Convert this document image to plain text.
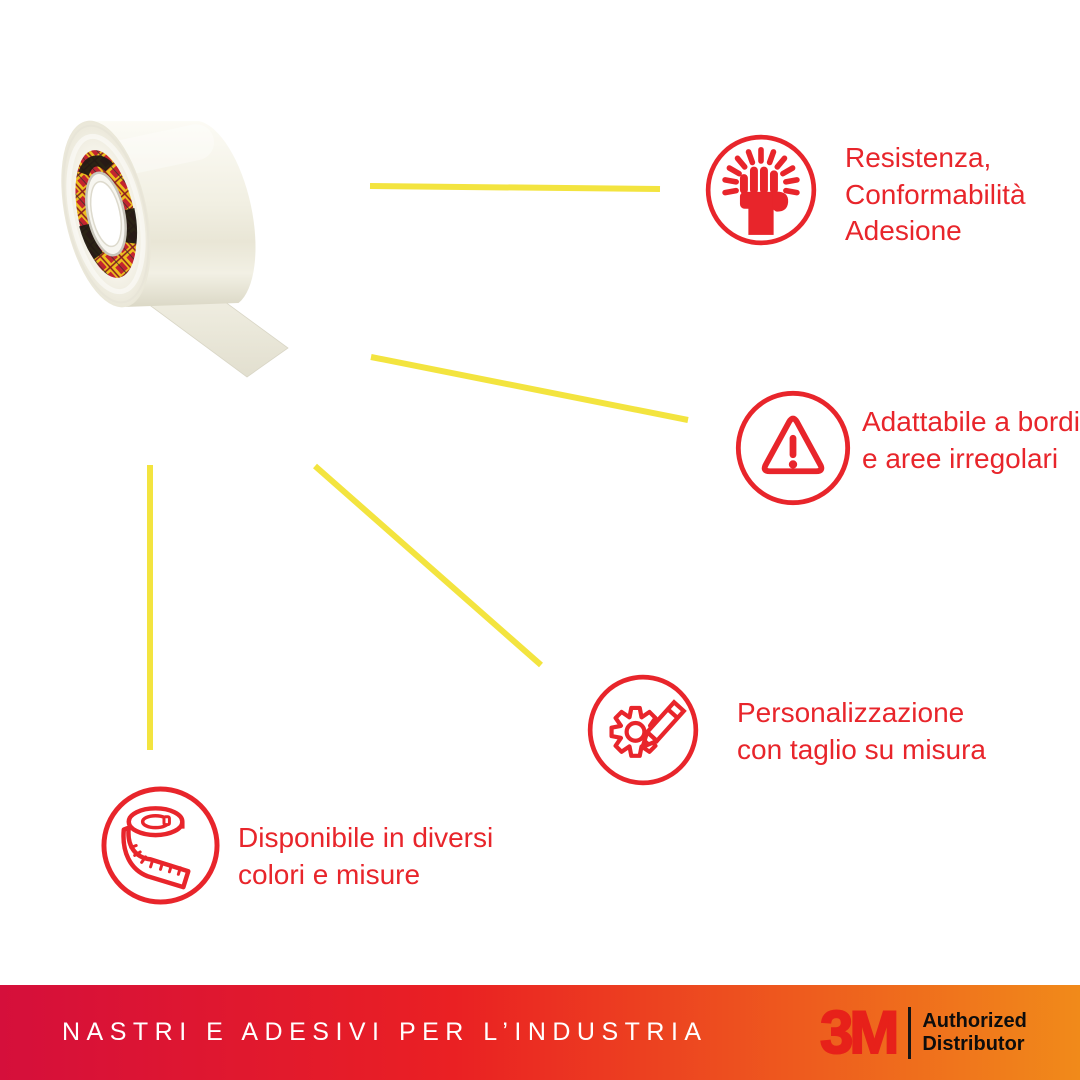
Resistenza,
Conformabilità
Adesione
Adattabile a bordi
e aree irregolari
Personalizzazione
con taglio su misura
Disponibile in diversi
colori e misure
NASTRI E ADESIVI PER L’INDUSTRIA 3M Authorized
Distributor
